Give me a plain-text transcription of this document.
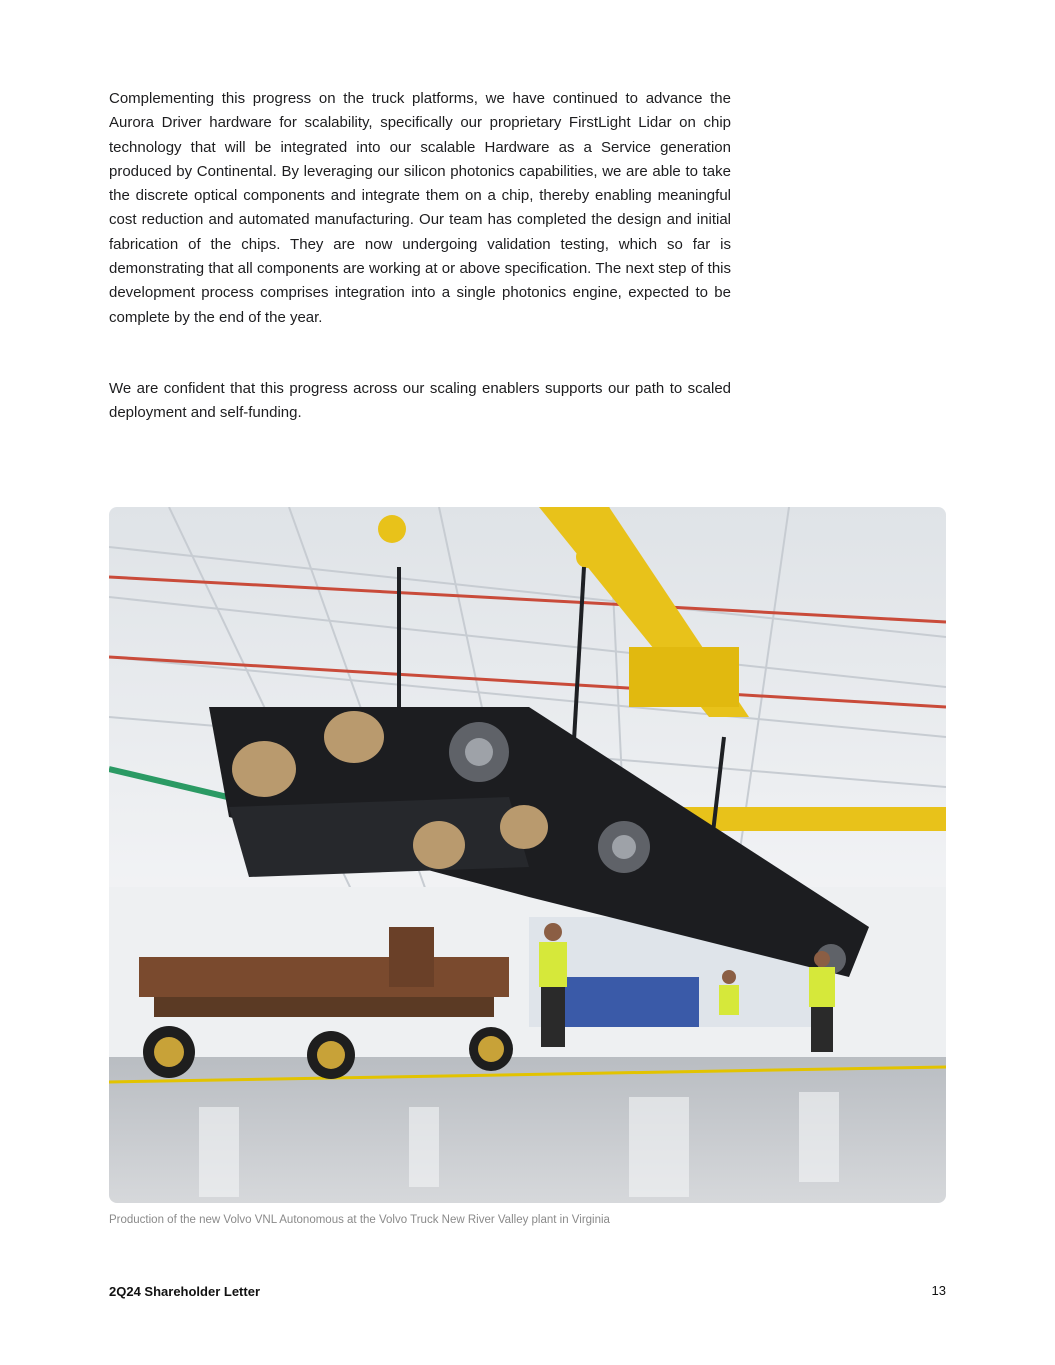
Complementing this progress on the truck platforms, we have continued to advance the Aurora Driver hardware for scalability, specifically our proprietary FirstLight Lidar on chip technology that will be integrated into our scalable Hardware as a Service generation produced by Continental. By leveraging our silicon photonics capabilities, we are able to take the discrete optical components and integrate them on a chip, thereby enabling meaningful cost reduction and automated manufacturing. Our team has completed the design and initial fabrication of the chips. They are now undergoing validation testing, which so far is demonstrating that all components are working at or above specification. The next step of this development process comprises integration into a single photonics engine, expected to be complete by the end of the year.

We are confident that this progress across our scaling enablers supports our path to scaled deployment and self-funding.

Production of the new Volvo VNL Autonomous at the Volvo Truck New River Valley plant in Virginia
2Q24 Shareholder Letter	13
